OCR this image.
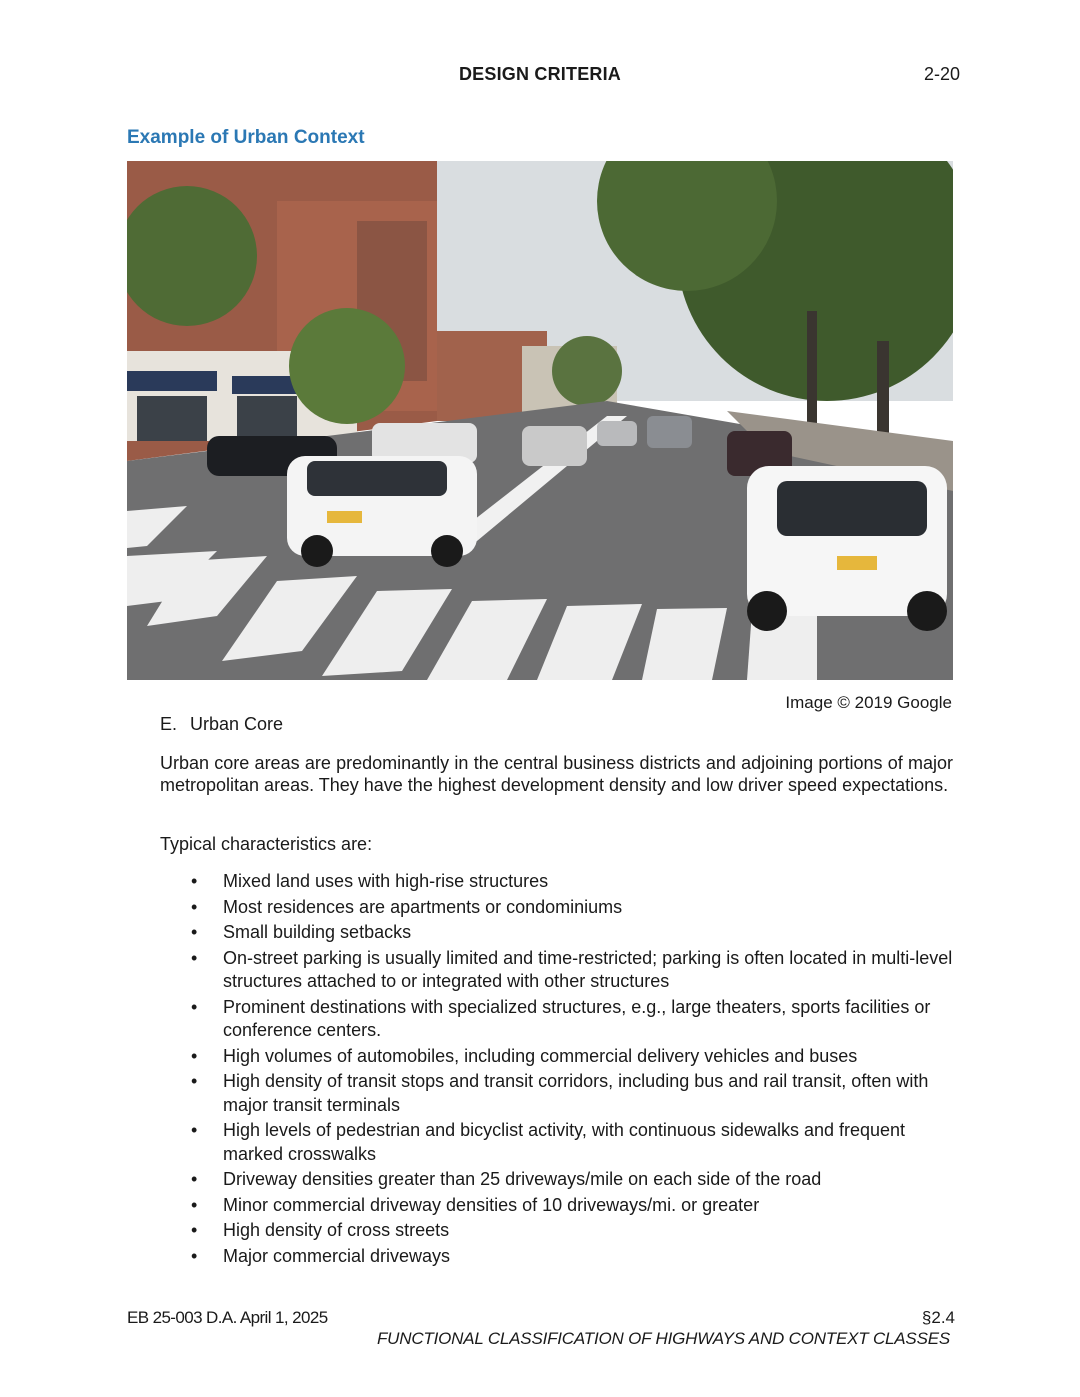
DESIGN CRITERIA	2-20
Example of Urban Context
Image © 2019 Google
E. Urban Core
Urban core areas are predominantly in the central business districts and adjoining portions of major metropolitan areas. They have the highest development density and low driver speed expectations.
Typical characteristics are:
• Mixed land uses with high-rise structures
• Most residences are apartments or condominiums
• Small building setbacks
• On-street parking is usually limited and time-restricted; parking is often located in multi-level structures attached to or integrated with other structures
• Prominent destinations with specialized structures, e.g., large theaters, sports facilities or conference centers.
• High volumes of automobiles, including commercial delivery vehicles and buses
• High density of transit stops and transit corridors, including bus and rail transit, often with major transit terminals
• High levels of pedestrian and bicyclist activity, with continuous sidewalks and frequent marked crosswalks
• Driveway densities greater than 25 driveways/mile on each side of the road
• Minor commercial driveway densities of 10 driveways/mi. or greater
• High density of cross streets
• Major commercial driveways
EB 25-003 D.A. April 1, 2025	§2.4
FUNCTIONAL CLASSIFICATION OF HIGHWAYS AND CONTEXT CLASSES
